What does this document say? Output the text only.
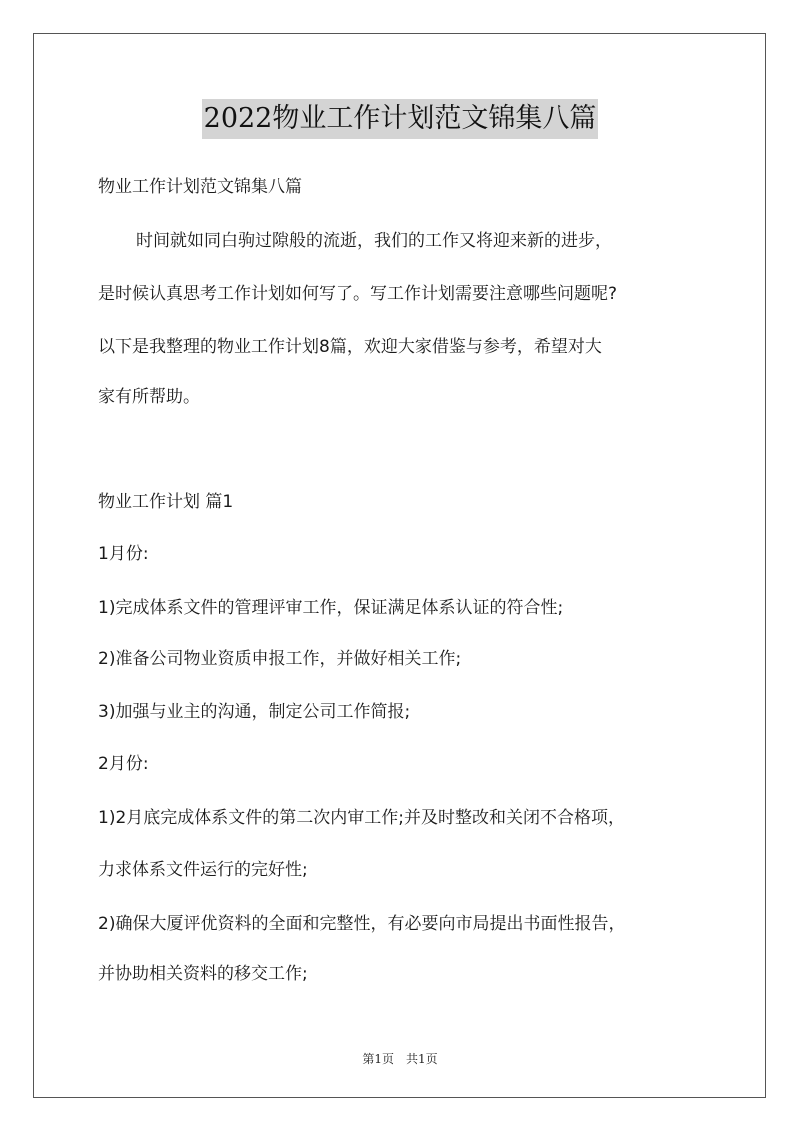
2022物业工作计划范文锦集八篇

物业工作计划范文锦集八篇

时间就如同白驹过隙般的流逝，我们的工作又将迎来新的进步，

是时候认真思考工作计划如何写了。写工作计划需要注意哪些问题呢?

以下是我整理的物业工作计划8篇，欢迎大家借鉴与参考，希望对大

家有所帮助。

物业工作计划 篇1

1月份:

1)完成体系文件的管理评审工作，保证满足体系认证的符合性;

2)准备公司物业资质申报工作，并做好相关工作;

3)加强与业主的沟通，制定公司工作简报;

2月份:

1)2月底完成体系文件的第二次内审工作;并及时整改和关闭不合格项，

力求体系文件运行的完好性;

2)确保大厦评优资料的全面和完整性，有必要向市局提出书面性报告，

并协助相关资料的移交工作;

第1页 共1页
